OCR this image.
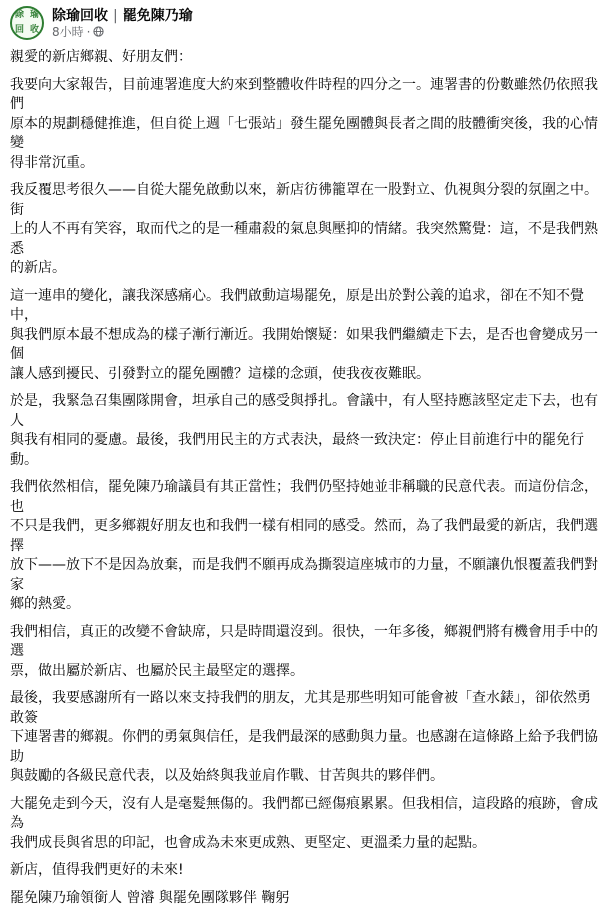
除 瑜
回 收
除瑜回收 | 罷免陳乃瑜
8小時 ·

親愛的新店鄉親、好朋友們：

我要向大家報告，目前連署進度大約來到整體收件時程的四分之一。連署書的份數雖然仍依照我們
原本的規劃穩健推進，但自從上週「七張站」發生罷免團體與長者之間的肢體衝突後，我的心情變
得非常沉重。

我反覆思考很久——自從大罷免啟動以來，新店彷彿籠罩在一股對立、仇視與分裂的氛圍之中。街
上的人不再有笑容，取而代之的是一種肅殺的氣息與壓抑的情緒。我突然驚覺：這，不是我們熟悉
的新店。

這一連串的變化，讓我深感痛心。我們啟動這場罷免，原是出於對公義的追求，卻在不知不覺中，
與我們原本最不想成為的樣子漸行漸近。我開始懷疑：如果我們繼續走下去，是否也會變成另一個
讓人感到擾民、引發對立的罷免團體？這樣的念頭，使我夜夜難眠。

於是，我緊急召集團隊開會，坦承自己的感受與掙扎。會議中，有人堅持應該堅定走下去，也有人
與我有相同的憂慮。最後，我們用民主的方式表決，最終一致決定：停止目前進行中的罷免行動。

我們依然相信，罷免陳乃瑜議員有其正當性；我們仍堅持她並非稱職的民意代表。而這份信念，也
不只是我們，更多鄉親好朋友也和我們一樣有相同的感受。然而，為了我們最愛的新店，我們選擇
放下——放下不是因為放棄，而是我們不願再成為撕裂這座城市的力量，不願讓仇恨覆蓋我們對家
鄉的熱愛。

我們相信，真正的改變不會缺席，只是時間還沒到。很快，一年多後，鄉親們將有機會用手中的選
票，做出屬於新店、也屬於民主最堅定的選擇。

最後，我要感謝所有一路以來支持我們的朋友，尤其是那些明知可能會被「查水錶」，卻依然勇敢簽
下連署書的鄉親。你們的勇氣與信任，是我們最深的感動與力量。也感謝在這條路上給予我們協助
與鼓勵的各級民意代表，以及始終與我並肩作戰、甘苦與共的夥伴們。

大罷免走到今天，沒有人是毫髮無傷的。我們都已經傷痕累累。但我相信，這段路的痕跡，會成為
我們成長與省思的印記，也會成為未來更成熟、更堅定、更溫柔力量的起點。

新店，值得我們更好的未來!

罷免陳乃瑜領銜人 曾濬 與罷免團隊夥伴 鞠躬
